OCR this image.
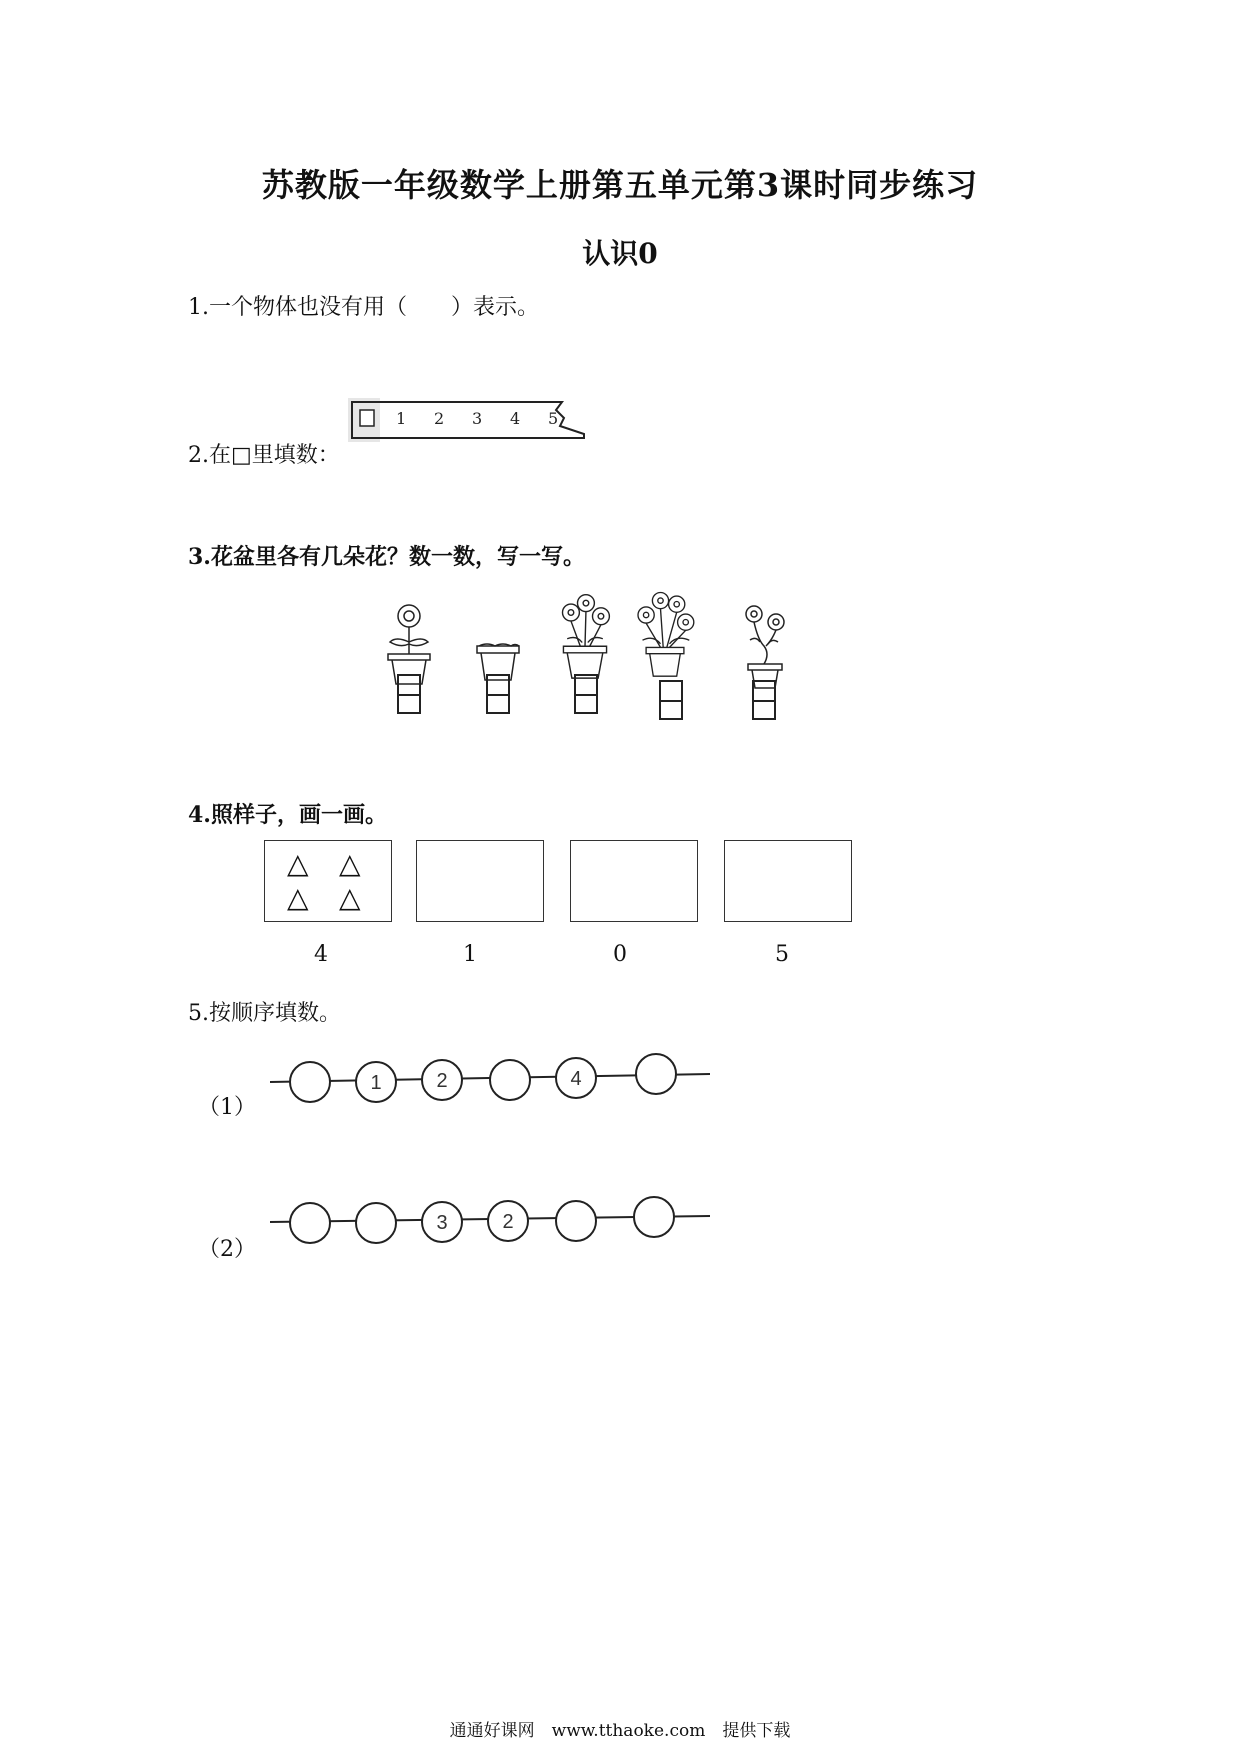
苏教版一年级数学上册第五单元第3课时同步练习
认识0
1.一个物体也没有用（　　）表示。
2.在□里填数：
1 2 3 4 5
3.花盆里各有几朵花？数一数，写一写。
4.照样子，画一画。
△ △
△ △
4	1	0	5
5.按顺序填数。
（1）
1	2	4
（2）
3	2
通通好课网　www.tthaoke.com　提供下载
